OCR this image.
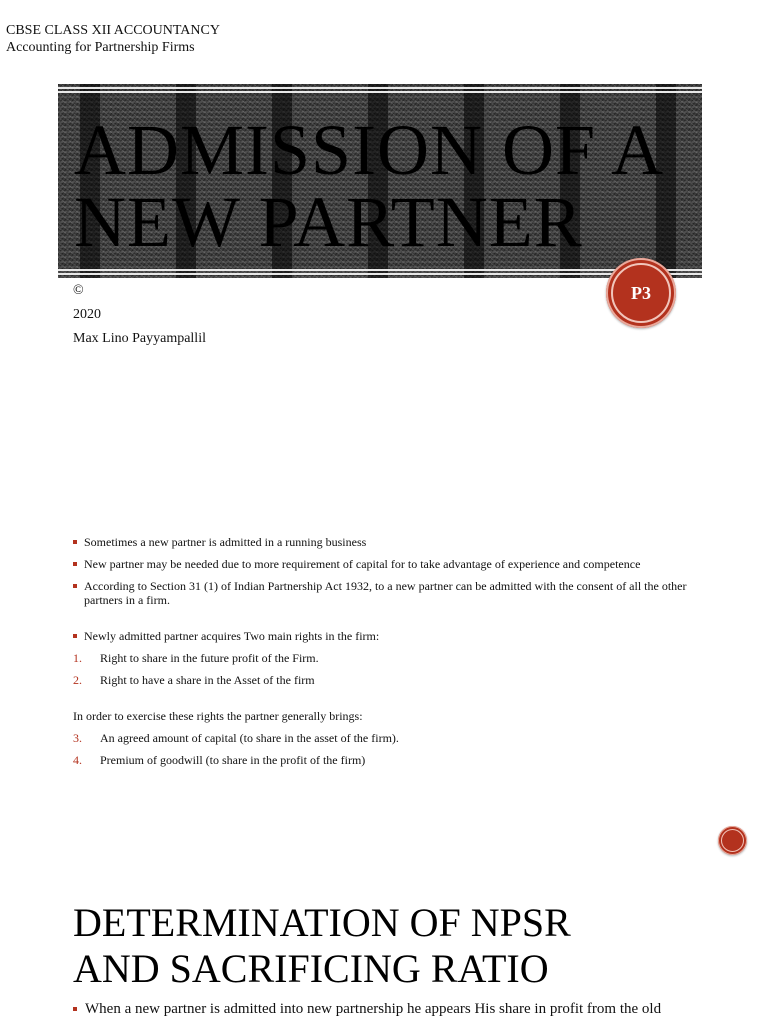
CBSE CLASS XII ACCOUNTANCY
Accounting for Partnership Firms
ADMISSION OF A
NEW PARTNER
P3
©
2020
Max Lino Payyampallil
Sometimes a new partner is admitted in a running business
New partner may be needed due to more requirement of capital for to take advantage of experience and competence
According to Section 31 (1) of Indian Partnership Act 1932, to a new partner can be admitted with the consent of all the other partners in a firm.
Newly admitted partner acquires Two main rights in the firm:
1. Right to share in the future profit of the Firm.
2. Right to have a share in the Asset of the firm
In order to exercise these rights the partner generally brings:
3. An agreed amount of capital (to share in the asset of the firm).
4. Premium of goodwill (to share in the profit of the firm)
DETERMINATION OF NPSR
AND SACRIFICING RATIO
When a new partner is admitted into new partnership he appears His share in profit from the old
